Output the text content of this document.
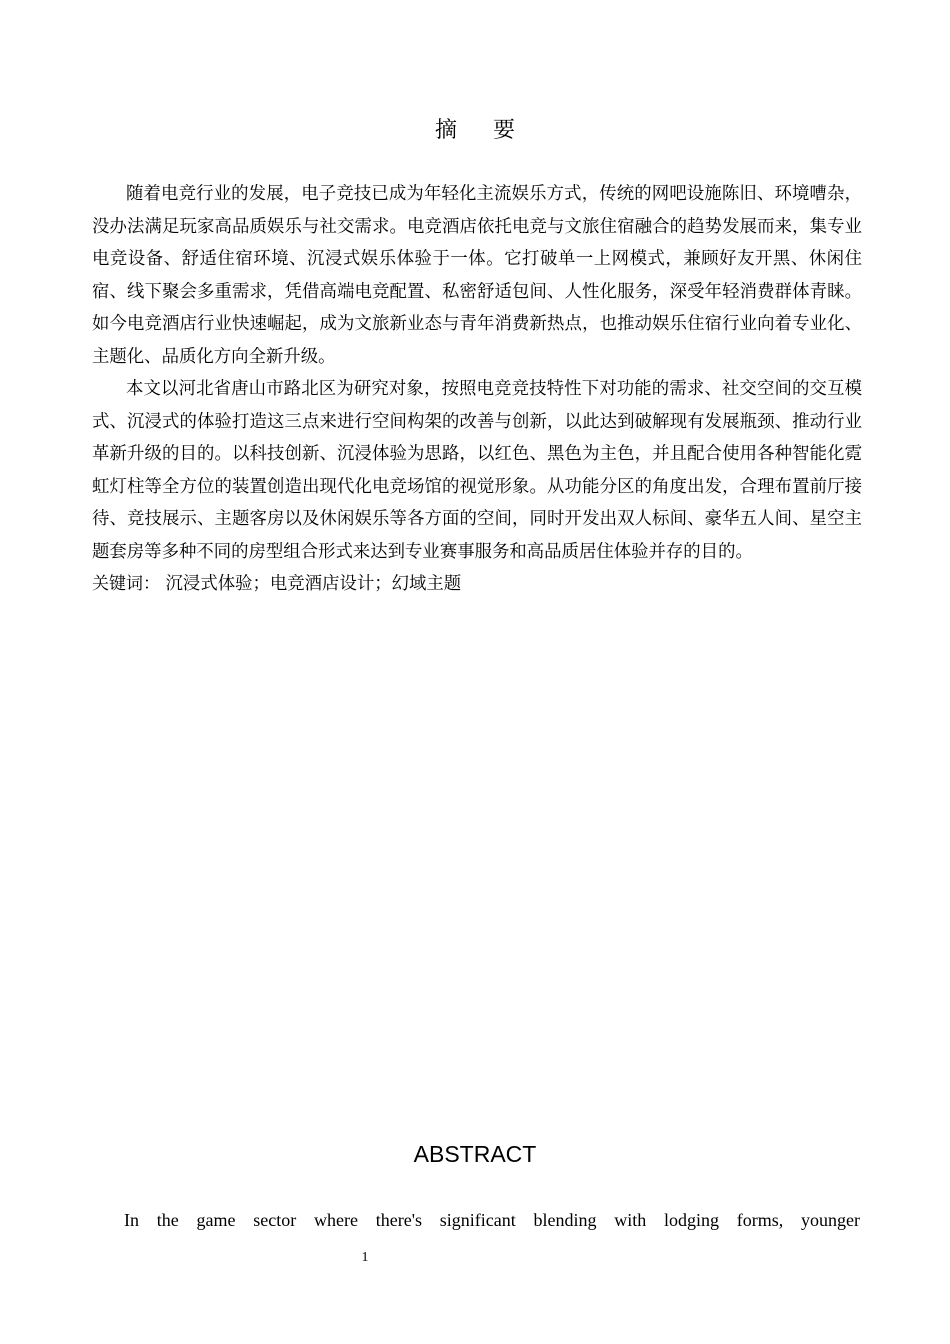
摘要

随着电竞行业的发展，电子竞技已成为年轻化主流娱乐方式，传统的网吧设施陈旧、环境嘈杂，没办法满足玩家高品质娱乐与社交需求。电竞酒店依托电竞与文旅住宿融合的趋势发展而来，集专业电竞设备、舒适住宿环境、沉浸式娱乐体验于一体。它打破单一上网模式，兼顾好友开黑、休闲住宿、线下聚会多重需求，凭借高端电竞配置、私密舒适包间、人性化服务，深受年轻消费群体青睐。如今电竞酒店行业快速崛起，成为文旅新业态与青年消费新热点，也推动娱乐住宿行业向着专业化、主题化、品质化方向全新升级。

本文以河北省唐山市路北区为研究对象，按照电竞竞技特性下对功能的需求、社交空间的交互模式、沉浸式的体验打造这三点来进行空间构架的改善与创新，以此达到破解现有发展瓶颈、推动行业革新升级的目的。以科技创新、沉浸体验为思路，以红色、黑色为主色，并且配合使用各种智能化霓虹灯柱等全方位的装置创造出现代化电竞场馆的视觉形象。从功能分区的角度出发，合理布置前厅接待、竞技展示、主题客房以及休闲娱乐等各方面的空间，同时开发出双人标间、豪华五人间、星空主题套房等多种不同的房型组合形式来达到专业赛事服务和高品质居住体验并存的目的。

关键词： 沉浸式体验；电竞酒店设计；幻域主题

ABSTRACT

In the game sector where there's significant blending with lodging forms, younger

1
